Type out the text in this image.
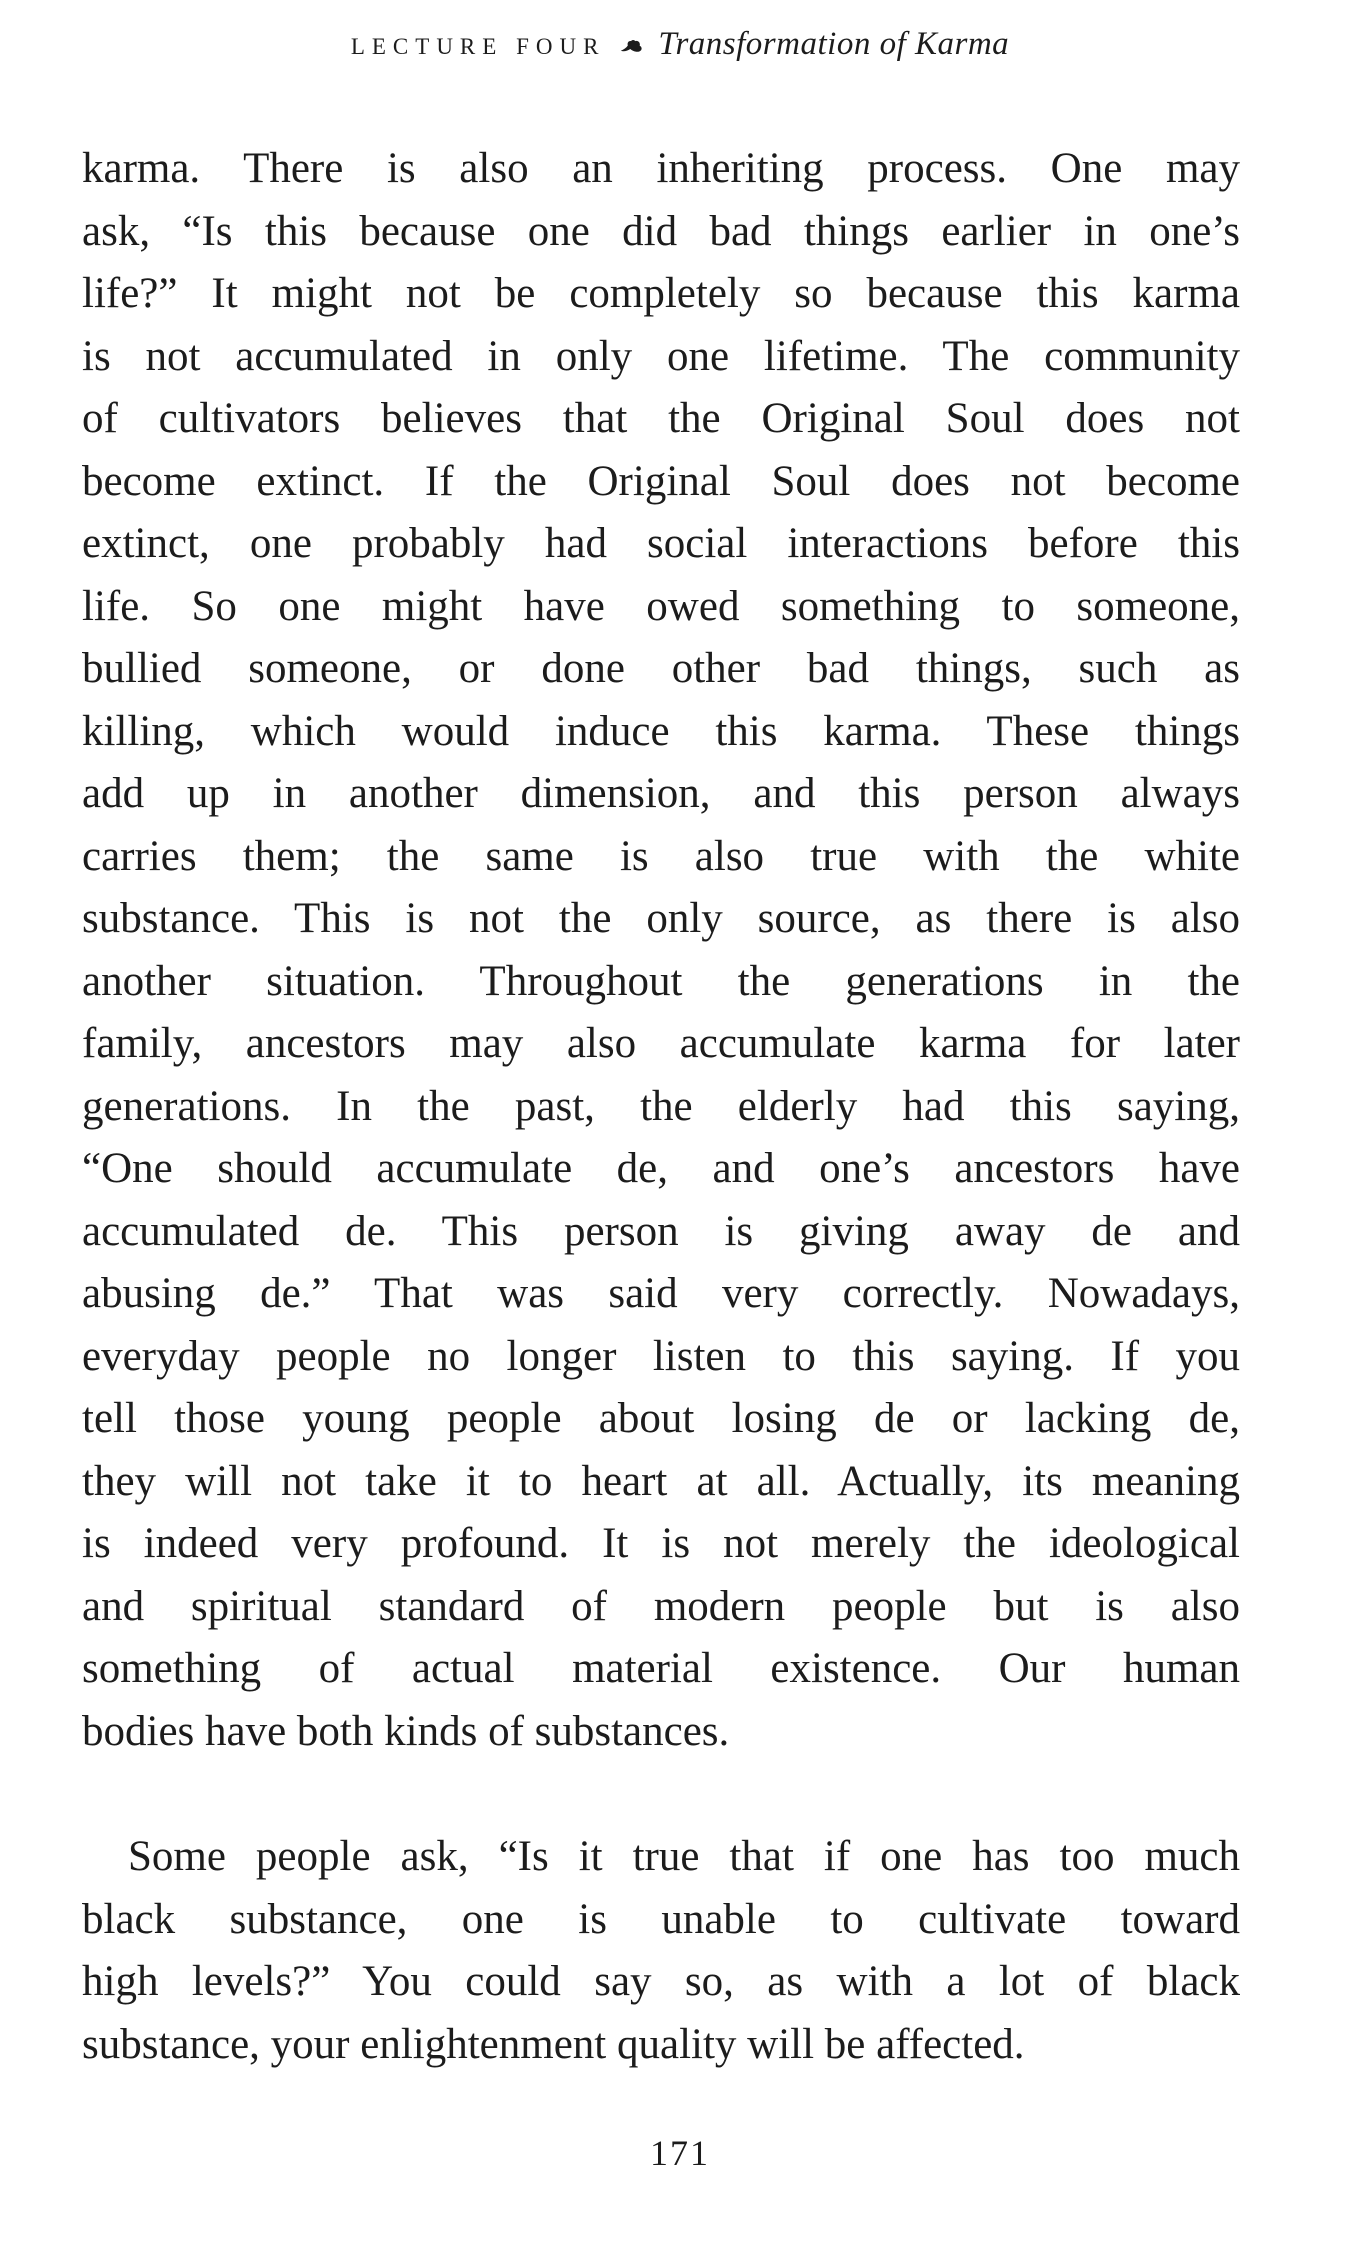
LECTURE FOUR Transformation of Karma
karma. There is also an inheriting process. One may
ask, “Is this because one did bad things earlier in one’s
life?” It might not be completely so because this karma
is not accumulated in only one lifetime. The community
of cultivators believes that the Original Soul does not
become extinct. If the Original Soul does not become
extinct, one probably had social interactions before this
life. So one might have owed something to someone,
bullied someone, or done other bad things, such as
killing, which would induce this karma. These things
add up in another dimension, and this person always
carries them; the same is also true with the white
substance. This is not the only source, as there is also
another situation. Throughout the generations in the
family, ancestors may also accumulate karma for later
generations. In the past, the elderly had this saying,
“One should accumulate de, and one’s ancestors have
accumulated de. This person is giving away de and
abusing de.” That was said very correctly. Nowadays,
everyday people no longer listen to this saying. If you
tell those young people about losing de or lacking de,
they will not take it to heart at all. Actually, its meaning
is indeed very profound. It is not merely the ideological
and spiritual standard of modern people but is also
something of actual material existence. Our human
bodies have both kinds of substances.
Some people ask, “Is it true that if one has too much
black substance, one is unable to cultivate toward
high levels?” You could say so, as with a lot of black
substance, your enlightenment quality will be affected.
171
